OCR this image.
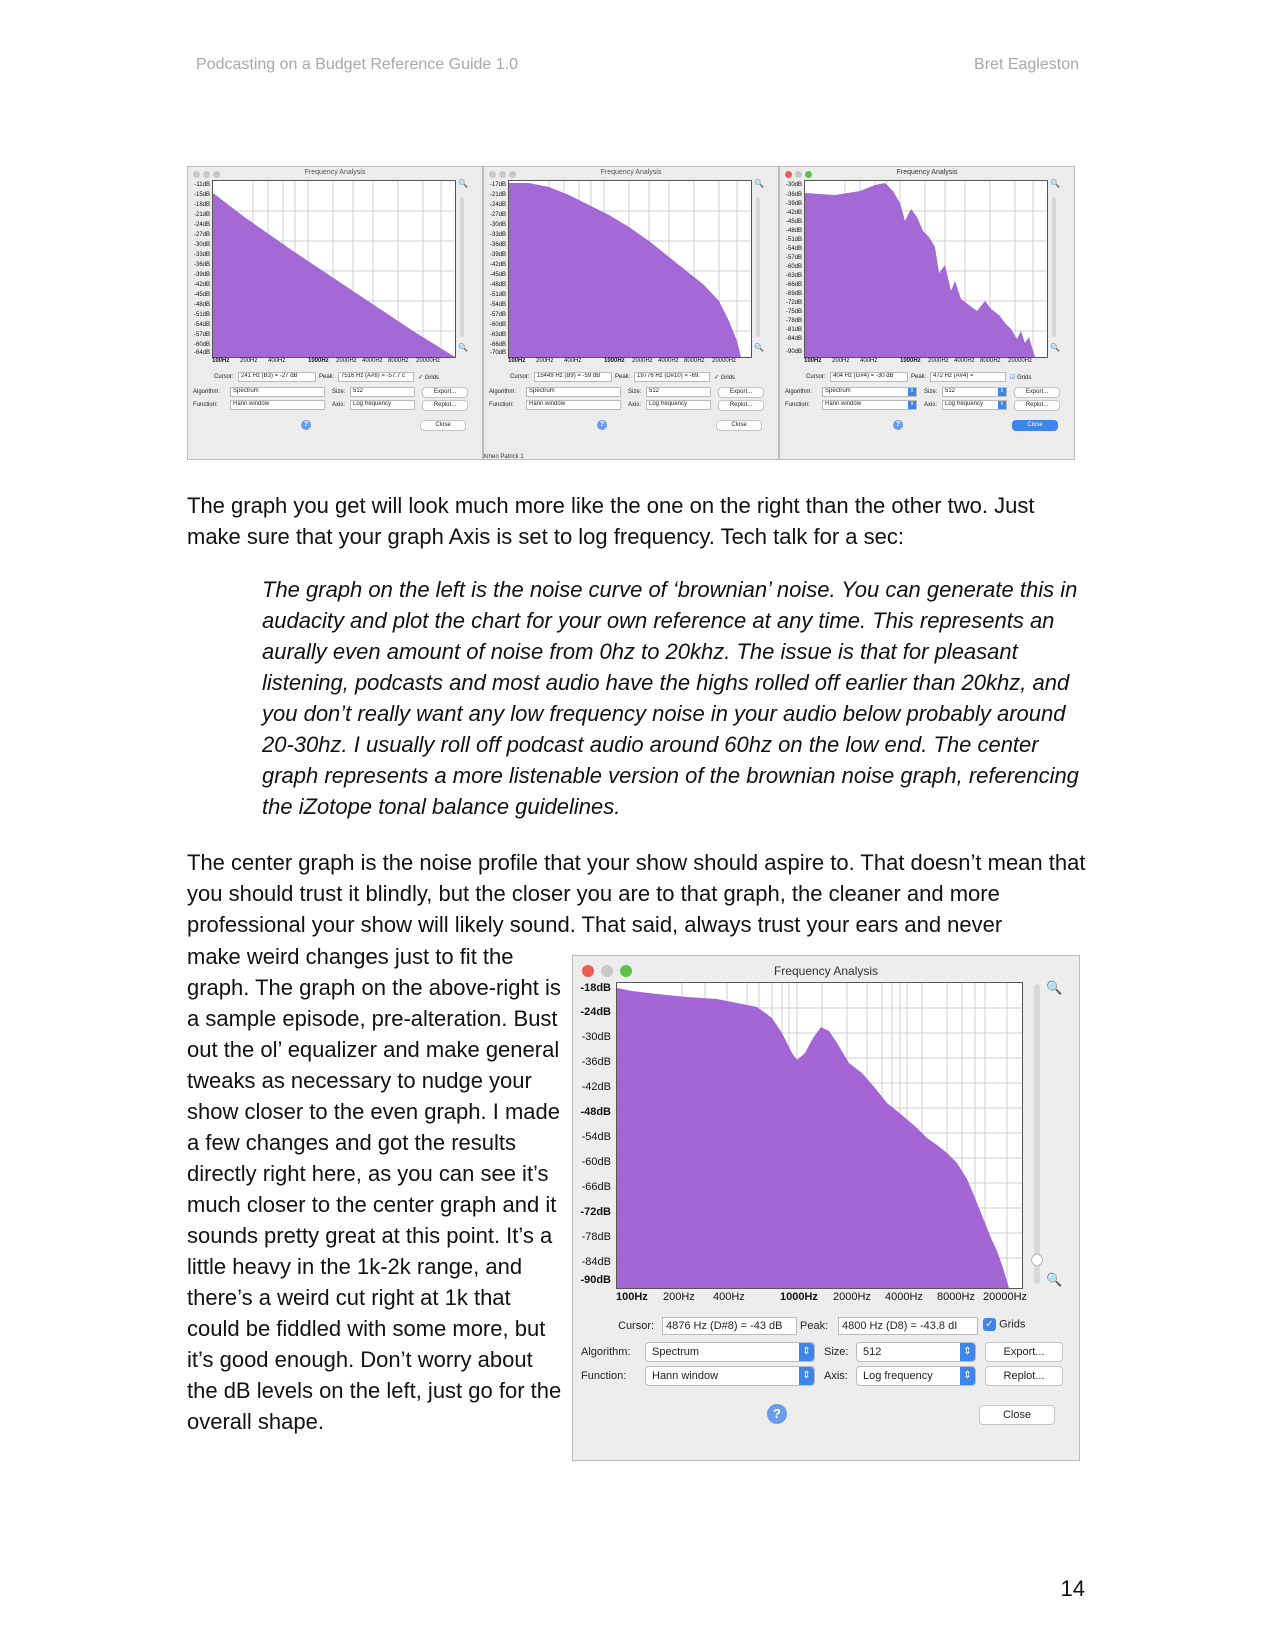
Podcasting on a Budget Reference Guide 1.0	Bret Eagleston
Frequency Analysis
-11dB
-15dB
-18dB
-21dB
-24dB
-27dB
-30dB
-33dB
-36dB
-39dB
-42dB
-45dB
-48dB
-51dB
-54dB
-57dB
-60dB
-64dB
🔍
🔍
100Hz 200Hz 400Hz	1000Hz 2000Hz 4000Hz 8000Hz 20000Hz
Cursor:	241 Hz (B3) = -27 dB	Peak:	7516 Hz (A#8) = -57.7 c	✓ Grids
Algorithm:	Spectrum	Size:	512	Export...
Function:	Hann window	Axis:	Log frequency	Replot...
?	Close
Frequency Analysis
-17dB
-21dB
-24dB
-27dB
-30dB
-33dB
-36dB
-39dB
-42dB
-45dB
-48dB
-51dB
-54dB
-57dB
-60dB
-63dB
-66dB
-70dB
🔍
🔍
100Hz 200Hz 400Hz	1000Hz 2000Hz 4000Hz 8000Hz 20000Hz
Cursor:	15449 Hz (B9) = -59 dB	Peak:	19776 Hz (D#10) = -69.	✓ Grids
Algorithm:	Spectrum	Size:	512	Export...
Function:	Hann window	Axis:	Log frequency	Replot...
?	Close
Frequency Analysis
-30dB
-36dB
-39dB
-42dB
-45dB
-48dB
-51dB
-54dB
-57dB
-60dB
-63dB
-66dB
-69dB
-72dB
-75dB
-78dB
-81dB
-84dB
-90dB
🔍
🔍
100Hz 200Hz 400Hz	1000Hz 2000Hz 4000Hz 8000Hz 20000Hz
Cursor:	404 Hz (G#4) = -30 dB	Peak:	472 Hz (A#4) =	☑ Grids
Algorithm:	Spectrum	⇕	Size:	512	⇕	Export...
Function:	Hann window	⇕	Axis:	Log frequency	⇕	Replot...
?	Close
Xmen Patrick 1

The graph you get will look much more like the one on the right than the other two. Just make sure that your graph Axis is set to log frequency. Tech talk for a sec:

The graph on the left is the noise curve of ‘brownian’ noise. You can generate this in audacity and plot the chart for your own reference at any time. This represents an aurally even amount of noise from 0hz to 20khz. The issue is that for pleasant listening, podcasts and most audio have the highs rolled off earlier than 20khz, and you don’t really want any low frequency noise in your audio below probably around 20-30hz. I usually roll off podcast audio around 60hz on the low end. The center graph represents a more listenable version of the brownian noise graph, referencing the iZotope tonal balance guidelines.

The center graph is the noise profile that your show should aspire to. That doesn’t mean that you should trust it blindly, but the closer you are to that graph, the cleaner and more professional your show will likely sound. That said, always trust your ears and never

make weird changes just to fit the graph. The graph on the above-right is a sample episode, pre-alteration. Bust out the ol’ equalizer and make general tweaks as necessary to nudge your show closer to the even graph. I made a few changes and got the results directly right here, as you can see it’s much closer to the center graph and it sounds pretty great at this point. It’s a little heavy in the 1k-2k range, and there’s a weird cut right at 1k that could be fiddled with some more, but it’s good enough. Don’t worry about the dB levels on the left, just go for the overall shape.

Frequency Analysis
-18dB
-24dB
-30dB
-36dB
-42dB
-48dB
-54dB
-60dB
-66dB
-72dB
-78dB
-84dB
-90dB
🔍
🔍
100Hz 200Hz 400Hz	1000Hz 2000Hz 4000Hz 8000Hz 20000Hz
Cursor:	4876 Hz (D#8) = -43 dB	Peak:	4800 Hz (D8) = -43.8 dI	✓ Grids
Algorithm:	Spectrum	⇕	Size:	512	⇕	Export...
Function:	Hann window	⇕	Axis:	Log frequency	⇕	Replot...
?	Close
14
